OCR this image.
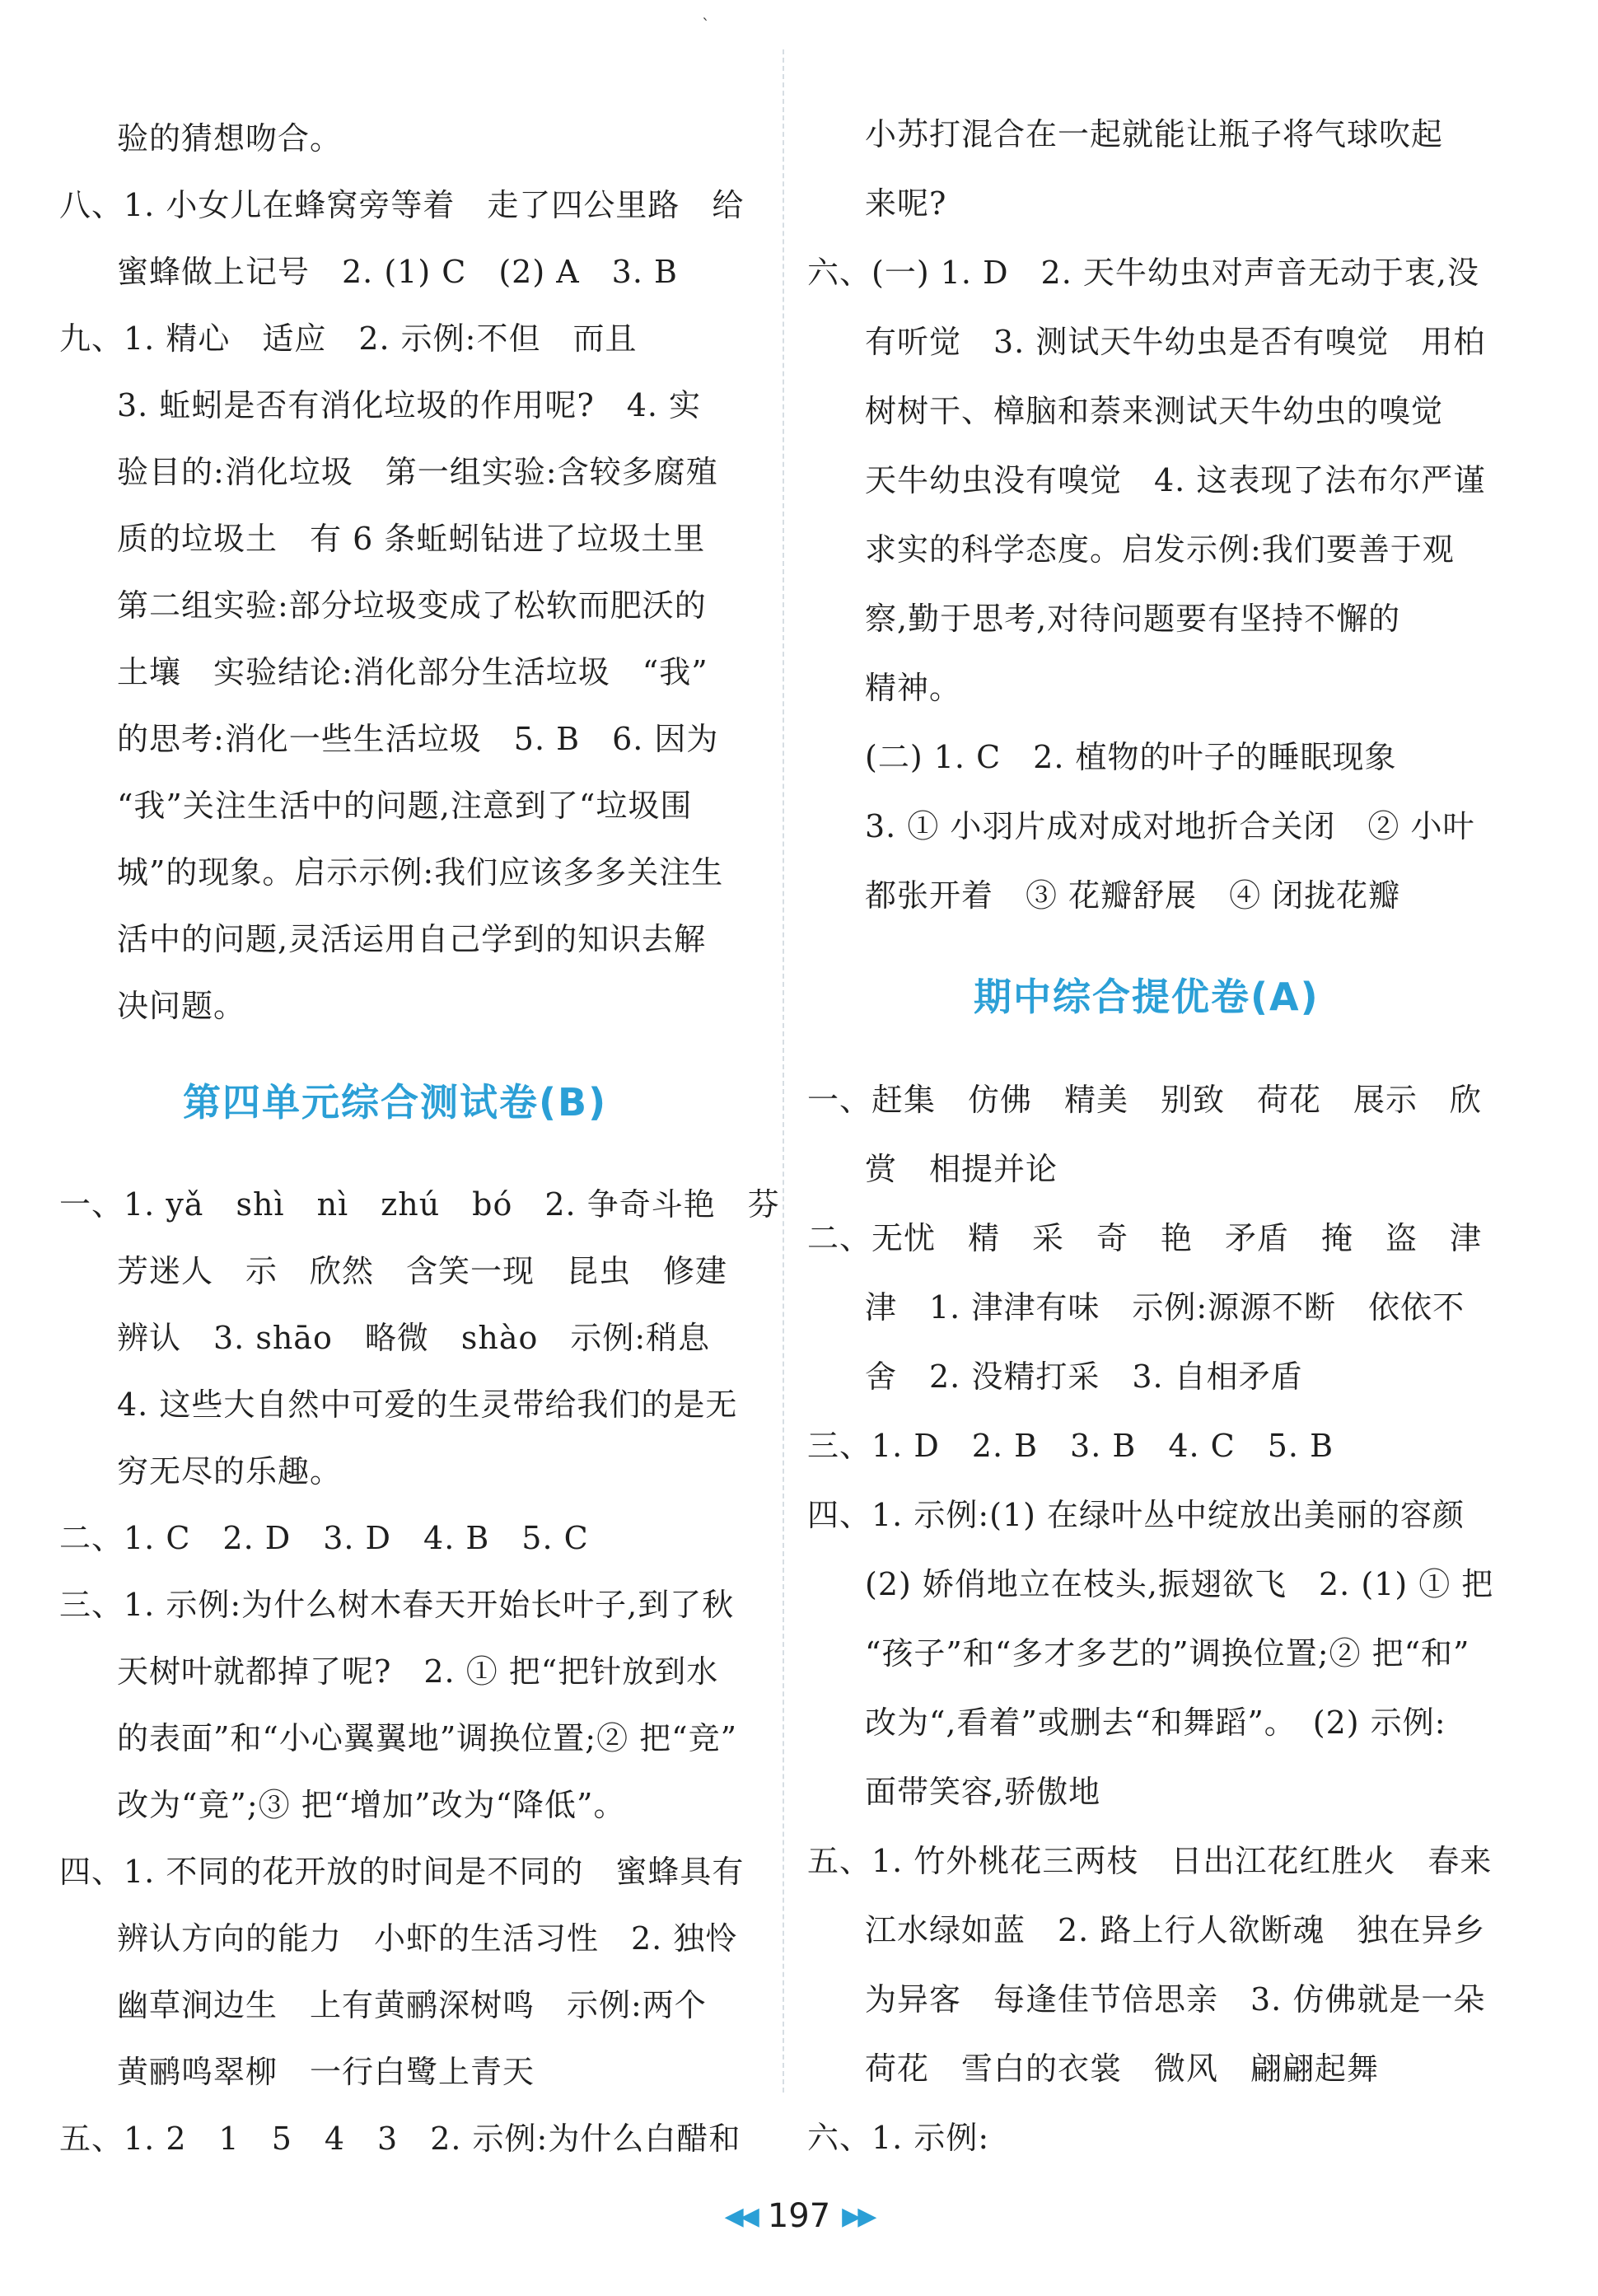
ˋ
验的猜想吻合。
八、1. 小女儿在蜂窝旁等着　走了四公里路　给
蜜蜂做上记号　2. (1) C　(2) A　3. B
九、1. 精心　适应　2. 示例:不但　而且
3. 蚯蚓是否有消化垃圾的作用呢?　4. 实
验目的:消化垃圾　第一组实验:含较多腐殖
质的垃圾土　有 6 条蚯蚓钻进了垃圾土里
第二组实验:部分垃圾变成了松软而肥沃的
土壤　实验结论:消化部分生活垃圾　“我”
的思考:消化一些生活垃圾　5. B　6. 因为
“我”关注生活中的问题,注意到了“垃圾围
城”的现象。启示示例:我们应该多多关注生
活中的问题,灵活运用自己学到的知识去解
决问题。
第四单元综合测试卷(B)
一、1. yǎ　shì　nì　zhú　bó　2. 争奇斗艳　芬
芳迷人　示　欣然　含笑一现　昆虫　修建
辨认　3. shāo　略微　shào　示例:稍息
4. 这些大自然中可爱的生灵带给我们的是无
穷无尽的乐趣。
二、1. C　2. D　3. D　4. B　5. C
三、1. 示例:为什么树木春天开始长叶子,到了秋
天树叶就都掉了呢?　2. ① 把“把针放到水
的表面”和“小心翼翼地”调换位置;② 把“竞”
改为“竟”;③ 把“增加”改为“降低”。
四、1. 不同的花开放的时间是不同的　蜜蜂具有
辨认方向的能力　小虾的生活习性　2. 独怜
幽草涧边生　上有黄鹂深树鸣　示例:两个
黄鹂鸣翠柳　一行白鹭上青天
五、1. 2　1　5　4　3　2. 示例:为什么白醋和
小苏打混合在一起就能让瓶子将气球吹起
来呢?
六、(一) 1. D　2. 天牛幼虫对声音无动于衷,没
有听觉　3. 测试天牛幼虫是否有嗅觉　用柏
树树干、樟脑和萘来测试天牛幼虫的嗅觉
天牛幼虫没有嗅觉　4. 这表现了法布尔严谨
求实的科学态度。启发示例:我们要善于观
察,勤于思考,对待问题要有坚持不懈的
精神。
(二) 1. C　2. 植物的叶子的睡眠现象
3. ① 小羽片成对成对地折合关闭　② 小叶
都张开着　③ 花瓣舒展　④ 闭拢花瓣
期中综合提优卷(A)
一、赶集　仿佛　精美　别致　荷花　展示　欣
赏　相提并论
二、无忧　精　采　奇　艳　矛盾　掩　盗　津
津　1. 津津有味　示例:源源不断　依依不
舍　2. 没精打采　3. 自相矛盾
三、1. D　2. B　3. B　4. C　5. B
四、1. 示例:(1) 在绿叶丛中绽放出美丽的容颜
(2) 娇俏地立在枝头,振翅欲飞　2. (1) ① 把
“孩子”和“多才多艺的”调换位置;② 把“和”
改为“,看着”或删去“和舞蹈”。　(2) 示例:
面带笑容,骄傲地
五、1. 竹外桃花三两枝　日出江花红胜火　春来
江水绿如蓝　2. 路上行人欲断魂　独在异乡
为异客　每逢佳节倍思亲　3. 仿佛就是一朵
荷花　雪白的衣裳　微风　翩翩起舞
六、1. 示例:
◀◀ 197 ▶▶
